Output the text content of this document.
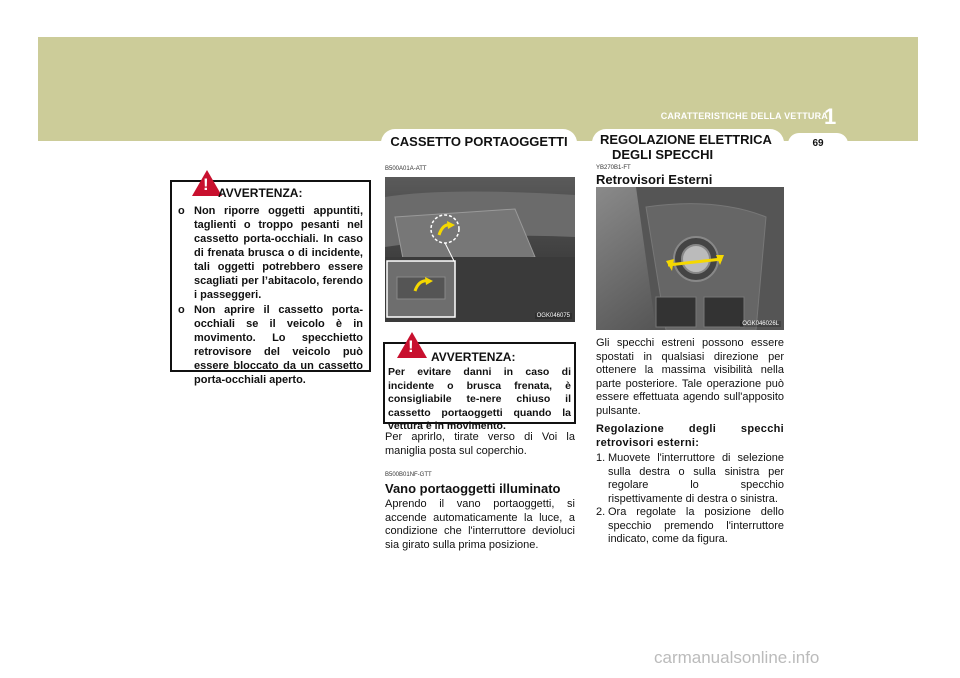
CARATTERISTICHE DELLA VETTURA
1
69
CASSETTO PORTAOGGETTI	REGOLAZIONE ELETTRICA
DEGLI SPECCHI
! AVVERTENZA:
o Non riporre oggetti appuntiti, taglienti o troppo pesanti nel cassetto porta-occhiali. In caso di frenata brusca o di incidente, tali oggetti potrebbero essere scagliati per l’abitacolo, ferendo i passeggeri.
o Non aprire il cassetto porta-occhiali se il veicolo è in movimento. Lo specchietto retrovisore del veicolo può essere bloccato da un cassetto porta-occhiali aperto.
B500A01A-ATT
OGK046075
!
AVVERTENZA:
Per evitare danni in caso di incidente o brusca frenata, è consigliabile te-nere chiuso il cassetto portaoggetti quando la vettura è in movimento.
Per aprirlo, tirate verso di Voi la maniglia posta sul coperchio.
B500B01NF-GTT
Vano portaoggetti illuminato
Aprendo il vano portaoggetti, si accende automaticamente la luce, a condizione che l'interruttore devioluci sia girato sulla prima posizione.
YB270B1-FT
Retrovisori Esterni
OGK046026L
Gli specchi estreni possono essere spostati in qualsiasi direzione per ottenere la massima visibilità nella parte posteriore. Tale operazione può essere effettuata agendo sull'apposito pulsante.
Regolazione degli specchi retrovisori esterni:
1. Muovete l'interruttore di selezione sulla destra o sulla sinistra per regolare lo specchio rispettivamente di destra o sinistra.
2. Ora regolate la posizione dello specchio premendo l'interruttore indicato, come da figura.
carmanualsonline.info
